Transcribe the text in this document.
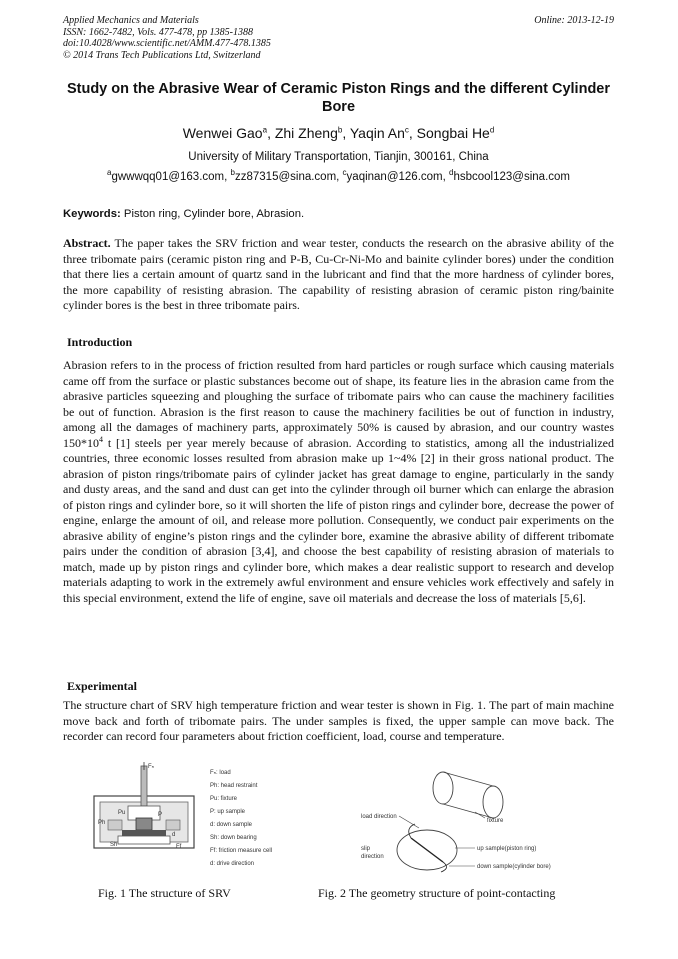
Applied Mechanics and Materials
ISSN: 1662-7482, Vols. 477-478, pp 1385-1388
doi:10.4028/www.scientific.net/AMM.477-478.1385
© 2014 Trans Tech Publications Ltd, Switzerland
Online: 2013-12-19
Study on the Abrasive Wear of Ceramic Piston Rings and the different Cylinder Bore
Wenwei Gao$^a$, Zhi Zheng$^b$, Yaqin An$^c$, Songbai He$^d$
University of Military Transportation, Tianjin, 300161, China
$^a$gwwwqq01@163.com, $^b$zz87315@sina.com, $^c$yaqinan@126.com, $^d$hsbcool123@sina.com
Keywords: Piston ring, Cylinder bore, Abrasion.
Abstract. The paper takes the SRV friction and wear tester, conducts the research on the abrasive ability of the three tribomate pairs (ceramic piston ring and P-B, Cu-Cr-Ni-Mo and bainite cylinder bores) under the condition that there lies a certain amount of quartz sand in the lubricant and find that the more hardness of cylinder bores, the more capability of resisting abrasion. The capability of resisting abrasion of ceramic piston ring/bainite cylinder bores is the best in three tribomate pairs.
Introduction
Abrasion refers to in the process of friction resulted from hard particles or rough surface which causing materials came off from the surface or plastic substances become out of shape, its feature lies in the abrasion came from the abrasive particles squeezing and ploughing the surface of tribomate pairs who can cause the machinery facilities be out of function. Abrasion is the first reason to cause the machinery facilities be out of function in industry, among all the damages of machinery parts, approximately 50% is caused by abrasion, and our country wastes $150*10^4$ t [1] steels per year merely because of abrasion. According to statistics, among all the industrialized countries, three economic losses resulted from abrasion make up 1~4% [2] in their gross national product. The abrasion of piston rings/tribomate pairs of cylinder jacket has great damage to engine, particularly in the sandy and dusty areas, and the sand and dust can get into the cylinder through oil burner which can enlarge the abrasion of piston rings and cylinder bore, so it will shorten the life of piston rings and cylinder bore, decrease the power of engine, enlarge the amount of oil, and release more pollution. Consequently, we conduct pair experiments on the abrasive ability of engine’s piston rings and the cylinder bore, examine the abrasive ability of different tribomate pairs under the condition of abrasion [3,4], and choose the best capability of resisting abrasion of materials to match, made up by piston rings and cylinder bore, which makes a dear realistic support to research and develop materials adapting to work in the extremely awful environment and ensure vehicles work effectively and safely in this special environment, extend the life of engine, save oil materials and decrease the loss of materials [5,6].
Experimental
The structure chart of SRV high temperature friction and wear tester is shown in Fig. 1. The part of main machine move back and forth of tribomate pairs. The under samples is fixed, the upper sample can move back. The recorder can record four parameters about friction coefficient, load, course and temperature.
Fₙ: load
Ph: head restraint
Pu: fixture
P: up sample
d: down sample
Sh: down bearing
Ff: friction measure cell
d: drive direction
Fₙ
Pu
Ph
P
d
Sh	Ff
fixture
load direction
slip
direction
up sample(piston ring)
down sample(cylinder bore)
Fig. 1 The structure of SRV	Fig. 2 The geometry structure of point-contacting
